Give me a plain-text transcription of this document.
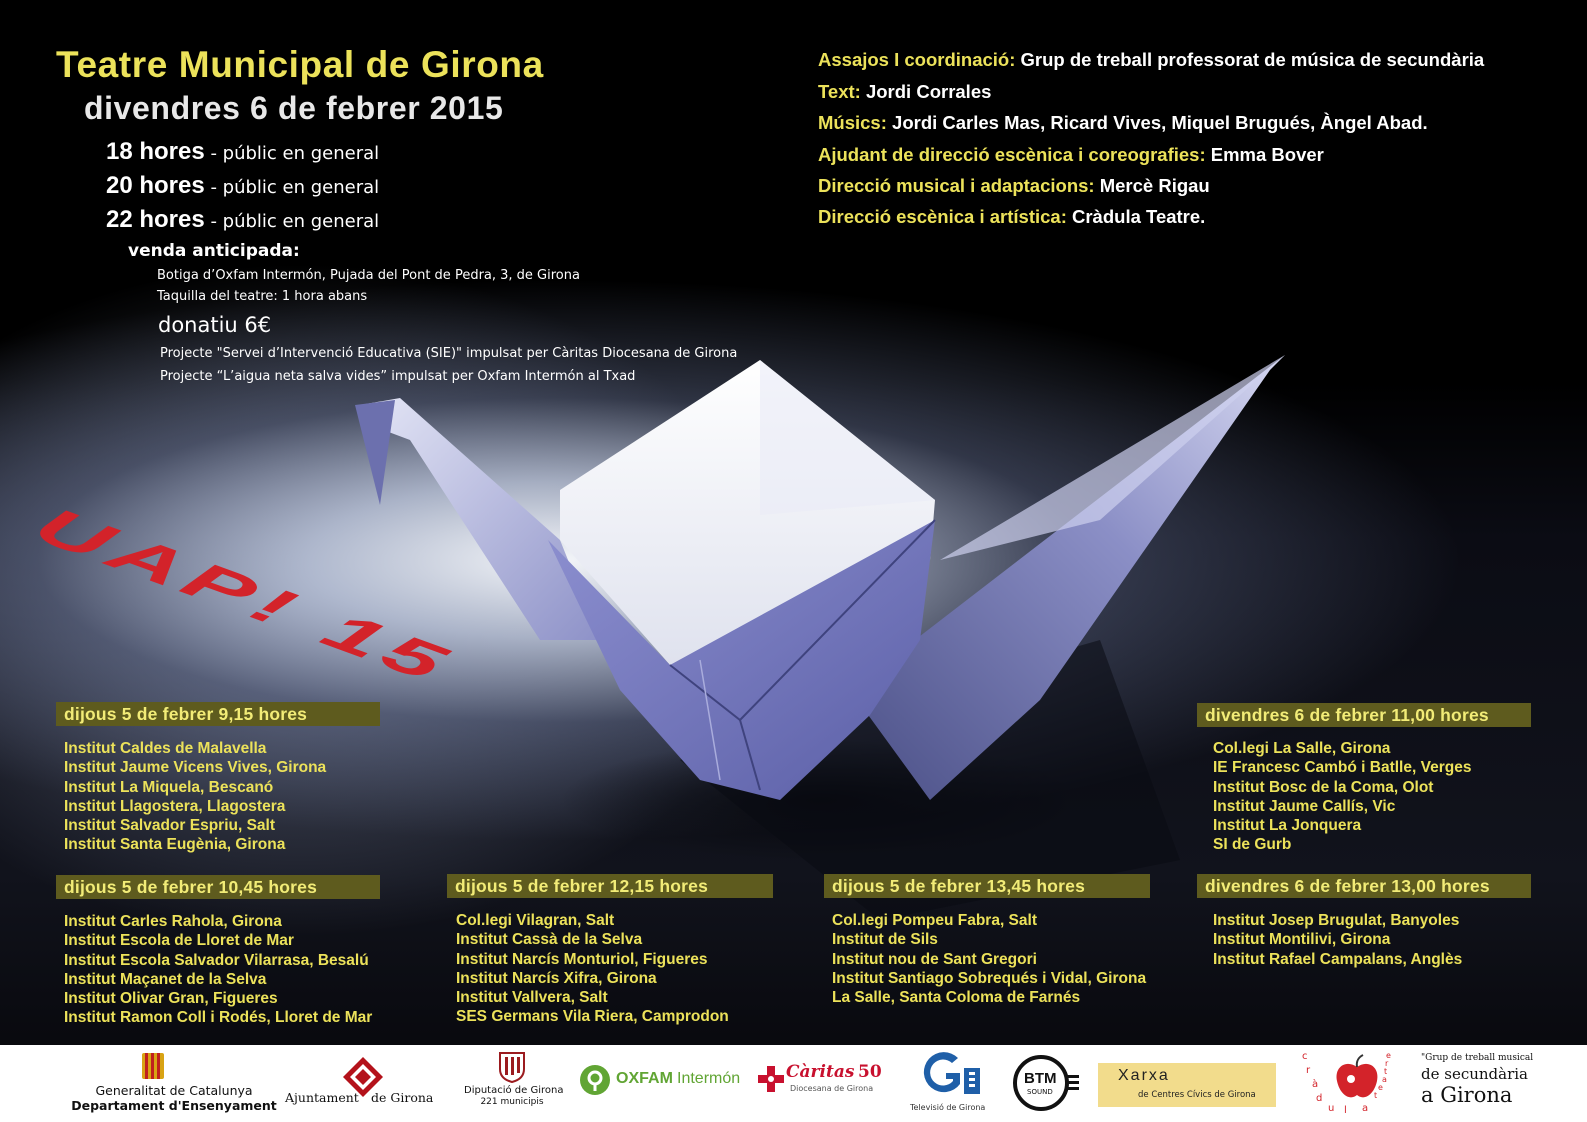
Teatre Municipal de Girona
divendres 6 de febrer 2015
18 hores - públic en general
20 hores - públic en general
22 hores - públic en general
venda anticipada:
Botiga d’Oxfam Intermón, Pujada del Pont de Pedra, 3, de Girona
Taquilla del teatre: 1 hora abans
donatiu 6€
Projecte "Servei d’Intervenció Educativa (SIE)" impulsat per Càritas Diocesana de Girona
Projecte “L’aigua neta salva vides” impulsat per Oxfam Intermón al Txad
Assajos I coordinació: Grup de treball professorat de música de secundària
Text: Jordi Corrales
Músics: Jordi Carles Mas, Ricard Vives, Miquel Brugués, Àngel Abad.
Ajudant de direcció escènica i coreografies: Emma Bover
Direcció musical i adaptacions: Mercè Rigau
Direcció escènica i artística: Cràdula Teatre.
UAP! 15
dijous 5 de febrer 9,15 hores
Institut Caldes de Malavella
Institut Jaume Vicens Vives, Girona
Institut La Miquela, Bescanó
Institut Llagostera, Llagostera
Institut Salvador Espriu, Salt
Institut Santa Eugènia, Girona
divendres 6 de febrer 11,00 hores
Col.legi La Salle, Girona
IE Francesc Cambó i Batlle, Verges
Institut Bosc de la Coma, Olot
Institut Jaume Callís, Vic
Institut La Jonquera
SI de Gurb
dijous 5 de febrer 10,45 hores
Institut Carles Rahola, Girona
Institut Escola de Lloret de Mar
Institut Escola Salvador Vilarrasa, Besalú
Institut Maçanet de la Selva
Institut Olivar Gran, Figueres
Institut Ramon Coll i Rodés, Lloret de Mar
dijous 5 de febrer 12,15 hores
Col.legi Vilagran, Salt
Institut Cassà de la Selva
Institut Narcís Monturiol, Figueres
Institut Narcís Xifra, Girona
Institut Vallvera, Salt
SES Germans Vila Riera, Camprodon
dijous 5 de febrer 13,45 hores
Col.legi Pompeu Fabra, Salt
Institut de Sils
Institut nou de Sant Gregori
Institut Santiago Sobrequés i Vidal, Girona
La Salle, Santa Coloma de Farnés
divendres 6 de febrer 13,00 hores
Institut Josep Brugulat, Banyoles
Institut Montilivi, Girona
Institut Rafael Campalans, Anglès
Generalitat de Catalunya
Departament d'Ensenyament
Ajuntament de Girona	Diputació de Girona
221 municipis
OXFAM Intermón	Càritas 50
Diocesana de Girona
Televisió de Girona
BTM
SOUND
Xarxa
de Centres Cívics de Girona
c
r
à
d
u l a
t
e
a
t
r
e	"Grup de treball musical
de secundària
a Girona
